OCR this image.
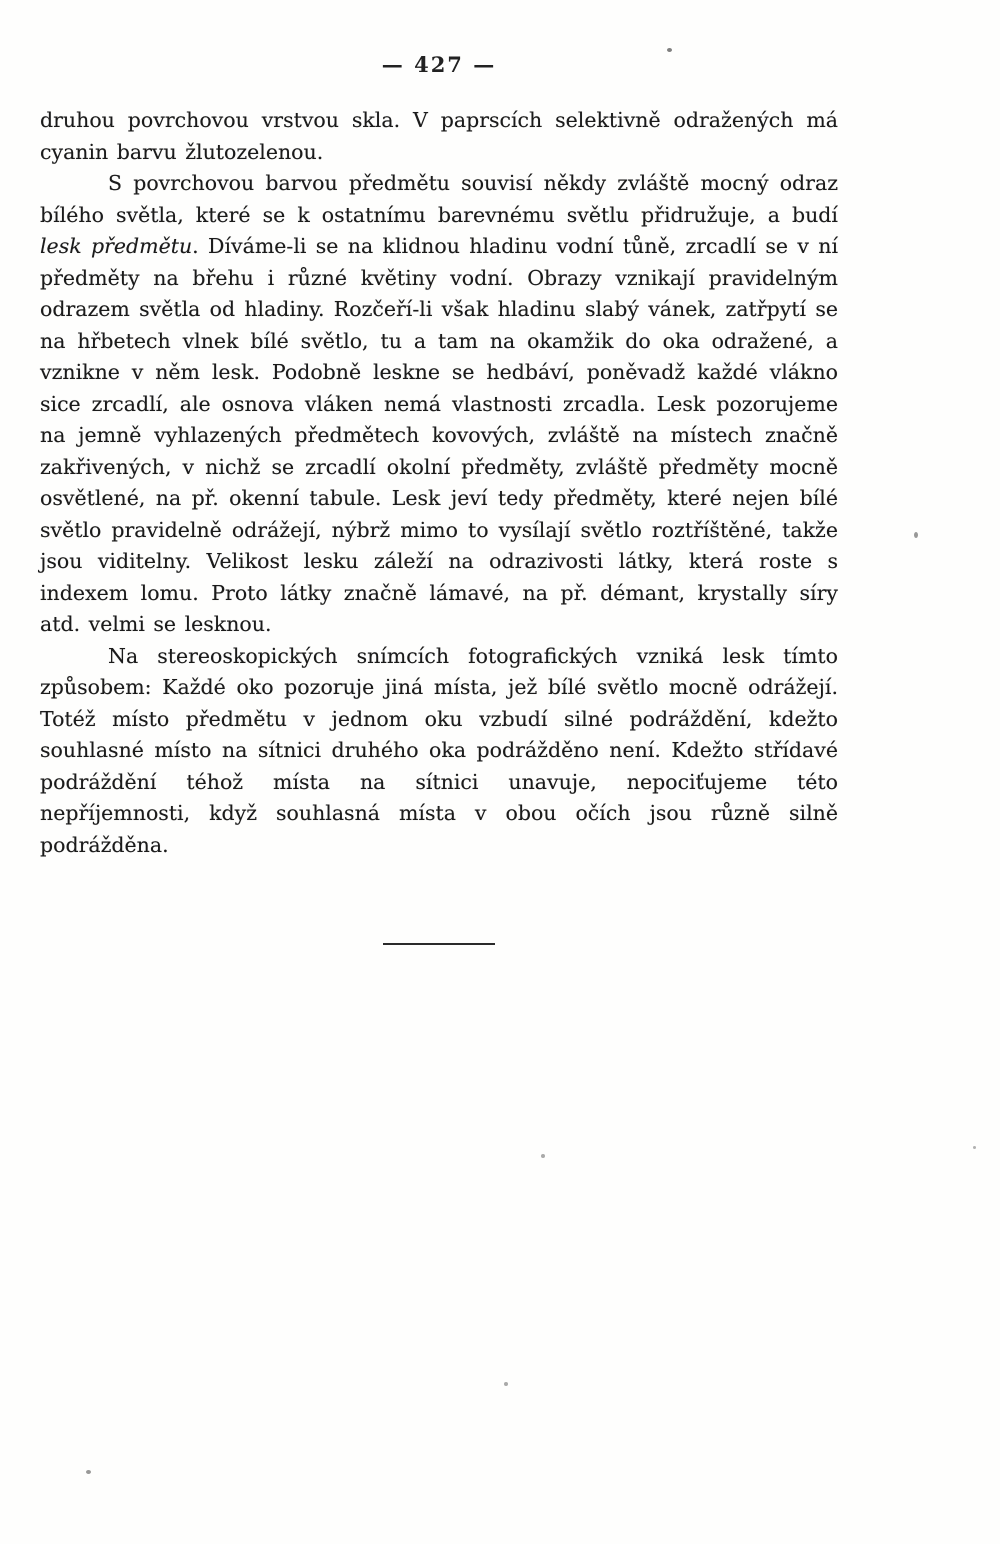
— 427 —

druhou povrchovou vrstvou skla. V paprscích selektivně odražených má cyanin barvu žlutozelenou.

S povrchovou barvou předmětu souvisí někdy zvláště mocný odraz bílého světla, které se k ostatnímu barevnému světlu přidružuje, a budí lesk předmětu. Díváme-li se na klidnou hladinu vodní tůně, zrcadlí se v ní předměty na břehu i různé květiny vodní. Obrazy vznikají pravidelným odrazem světla od hladiny. Rozčeří-li však hladinu slabý vánek, zatřpytí se na hřbetech vlnek bílé světlo, tu a tam na okamžik do oka odražené, a vznikne v něm lesk. Podobně leskne se hedbáví, poněvadž každé vlákno sice zrcadlí, ale osnova vláken nemá vlastnosti zrcadla. Lesk pozorujeme na jemně vyhlazených předmětech kovových, zvláště na místech značně zakřivených, v nichž se zrcadlí okolní předměty, zvláště předměty mocně osvětlené, na př. okenní tabule. Lesk jeví tedy předměty, které nejen bílé světlo pravidelně odrážejí, nýbrž mimo to vysílají světlo roztříštěné, takže jsou viditelny. Velikost lesku záleží na odrazivosti látky, která roste s indexem lomu. Proto látky značně lámavé, na př. démant, krystally síry atd. velmi se lesknou.

Na stereoskopických snímcích fotografických vzniká lesk tímto způsobem: Každé oko pozoruje jiná místa, jež bílé světlo mocně odrážejí. Totéž místo předmětu v jednom oku vzbudí silné podráždění, kdežto souhlasné místo na sítnici druhého oka podrážděno není. Kdežto střídavé podráždění téhož místa na sítnici unavuje, nepociťujeme této nepříjemnosti, když souhlasná místa v obou očích jsou různě silně podrážděna.
